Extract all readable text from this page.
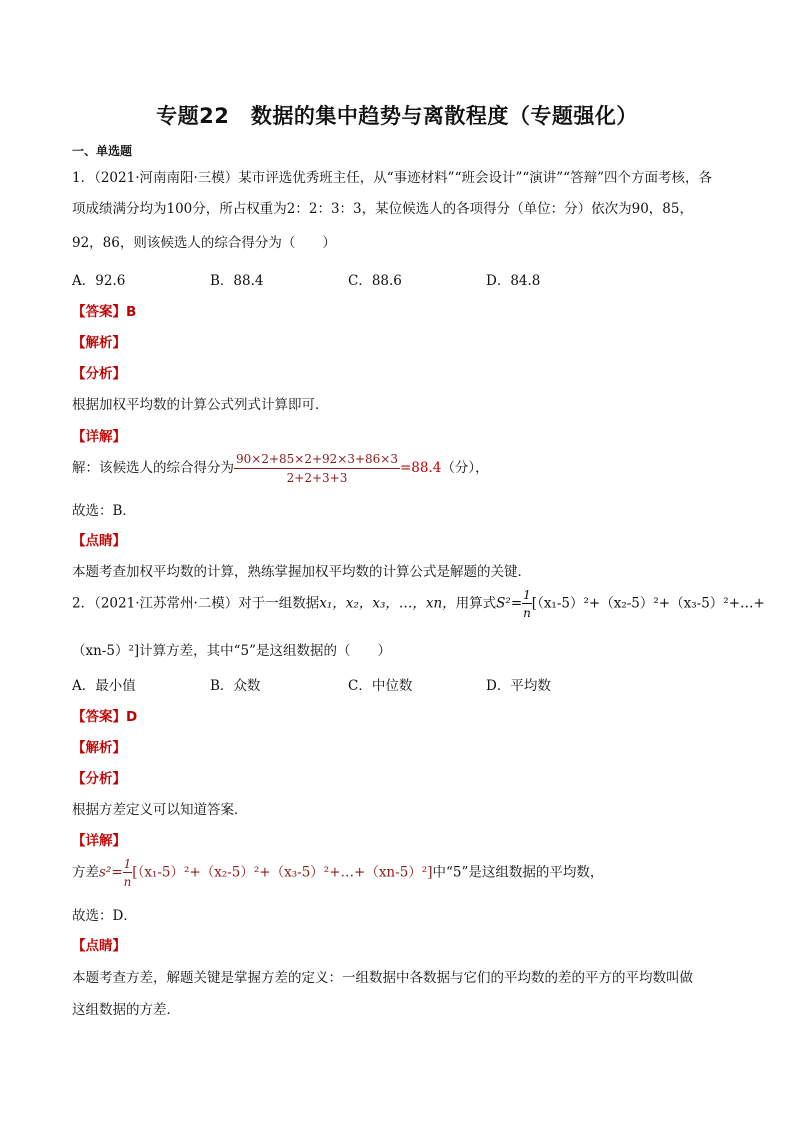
专题22　数据的集中趋势与离散程度（专题强化）
一、单选题
1．（2021·河南南阳·三模）某市评选优秀班主任，从“事迹材料”“班会设计”“演讲”“答辩”四个方面考核，各
项成绩满分均为100分，所占权重为2：2：3：3，某位候选人的各项得分（单位：分）依次为90，85，
92，86，则该候选人的综合得分为（　　）
A．92.6	B．88.4	C．88.6	D．84.8
【答案】B
【解析】
【分析】
根据加权平均数的计算公式列式计算即可．
【详解】
解：该候选人的综合得分为 $\frac{90\times 2+85\times 2+92\times 3+86\times 3}{2+2+3+3} =88.4$（分），
故选：B．
【点睛】
本题考查加权平均数的计算，熟练掌握加权平均数的计算公式是解题的关键．
2．（2021·江苏常州·二模）对于一组数据x₁，x₂，x₃，…，xn，用算式$S^2= \frac{1}{n}$ [（x₁-5）²+（x₂-5）²+（x₃-5）²+…+
（xn-5）²]计算方差，其中“5”是这组数据的（　　）
A．最小值	B．众数	C．中位数	D．平均数
【答案】D
【解析】
【分析】
根据方差定义可以知道答案．
【详解】
方差$s^2= \frac{1}{n}$ [（x₁-5）²+（x₂-5）²+（x₃-5）²+…+（xn-5）²]中“5”是这组数据的平均数，
故选：D．
【点睛】
本题考查方差，解题关键是掌握方差的定义：一组数据中各数据与它们的平均数的差的平方的平均数叫做
这组数据的方差．
